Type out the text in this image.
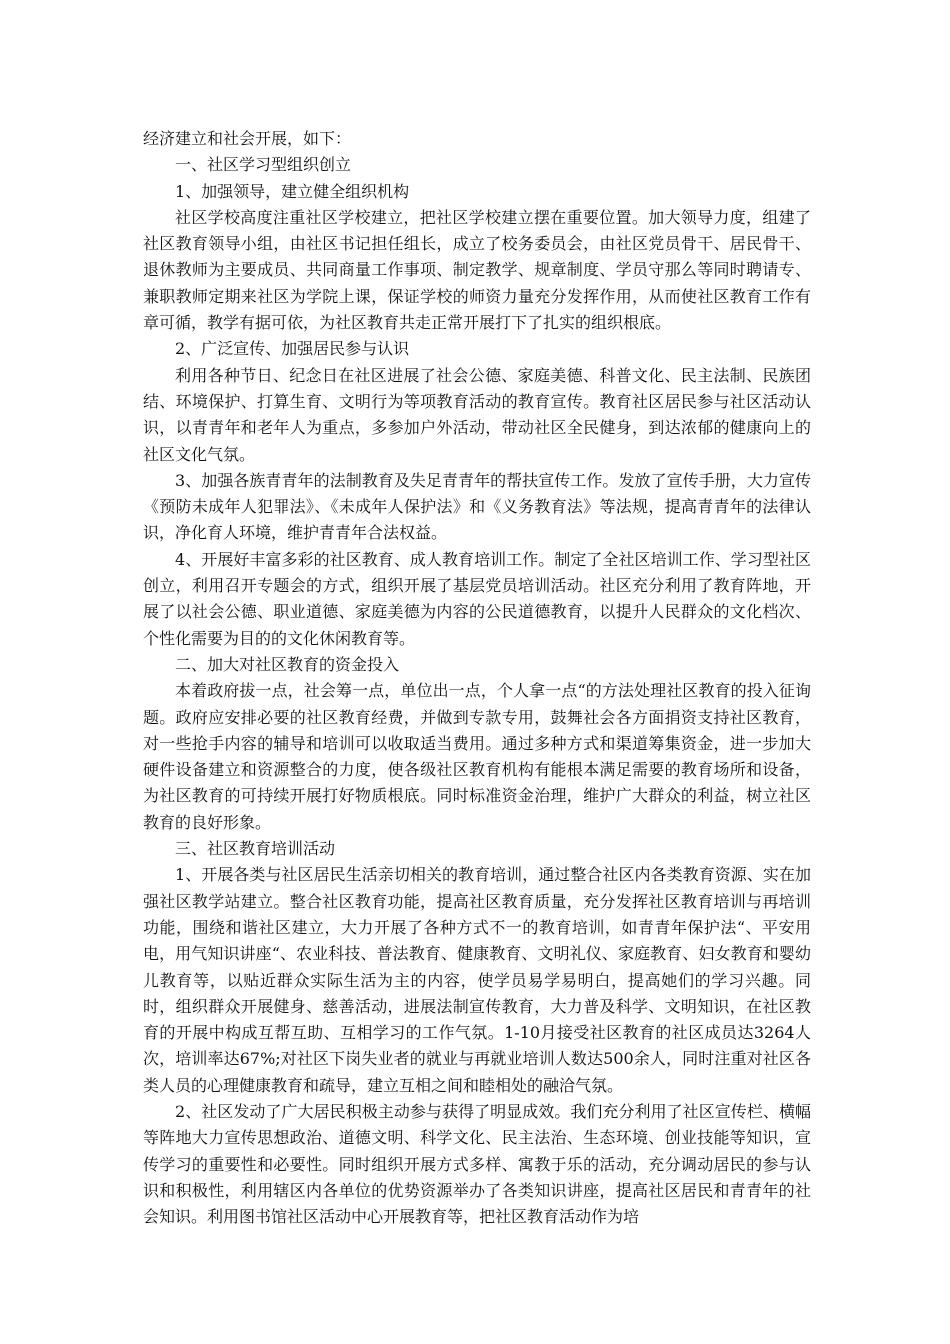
经济建立和社会开展，如下：

一、社区学习型组织创立

1、加强领导，建立健全组织机构

社区学校高度注重社区学校建立，把社区学校建立摆在重要位置。加大领导力度，组建了社区教育领导小组，由社区书记担任组长，成立了校务委员会，由社区党员骨干、居民骨干、退休教师为主要成员、共同商量工作事项、制定教学、规章制度、学员守那么等同时聘请专、兼职教师定期来社区为学院上课，保证学校的师资力量充分发挥作用，从而使社区教育工作有章可循，教学有据可依，为社区教育共走正常开展打下了扎实的组织根底。

2、广泛宣传、加强居民参与认识

利用各种节日、纪念日在社区进展了社会公德、家庭美德、科普文化、民主法制、民族团结、环境保护、打算生育、文明行为等项教育活动的教育宣传。教育社区居民参与社区活动认识，以青青年和老年人为重点，多参加户外活动，带动社区全民健身，到达浓郁的健康向上的社区文化气氛。

3、加强各族青青年的法制教育及失足青青年的帮扶宣传工作。发放了宣传手册，大力宣传《预防未成年人犯罪法》、《未成年人保护法》和《义务教育法》等法规，提高青青年的法律认识，净化育人环境，维护青青年合法权益。

4、开展好丰富多彩的社区教育、成人教育培训工作。制定了全社区培训工作、学习型社区创立，利用召开专题会的方式，组织开展了基层党员培训活动。社区充分利用了教育阵地，开展了以社会公德、职业道德、家庭美德为内容的公民道德教育，以提升人民群众的文化档次、个性化需要为目的的文化休闲教育等。

二、加大对社区教育的资金投入

本着政府拔一点，社会筹一点，单位出一点，个人拿一点“的方法处理社区教育的投入征询题。政府应安排必要的社区教育经费，并做到专款专用，鼓舞社会各方面捐资支持社区教育，对一些抢手内容的辅导和培训可以收取适当费用。通过多种方式和渠道筹集资金，进一步加大硬件设备建立和资源整合的力度，使各级社区教育机构有能根本满足需要的教育场所和设备，为社区教育的可持续开展打好物质根底。同时标准资金治理，维护广大群众的利益，树立社区教育的良好形象。

三、社区教育培训活动

1、开展各类与社区居民生活亲切相关的教育培训，通过整合社区内各类教育资源、实在加强社区教学站建立。整合社区教育功能，提高社区教育质量，充分发挥社区教育培训与再培训功能，围绕和谐社区建立，大力开展了各种方式不一的教育培训，如青青年保护法“、平安用电，用气知识讲座“、农业科技、普法教育、健康教育、文明礼仪、家庭教育、妇女教育和婴幼儿教育等，以贴近群众实际生活为主的内容，使学员易学易明白，提高她们的学习兴趣。同时，组织群众开展健身、慈善活动，进展法制宣传教育，大力普及科学、文明知识，在社区教育的开展中构成互帮互助、互相学习的工作气氛。1-10月接受社区教育的社区成员达3264人次，培训率达67%;对社区下岗失业者的就业与再就业培训人数达500余人，同时注重对社区各类人员的心理健康教育和疏导，建立互相之间和睦相处的融洽气氛。

2、社区发动了广大居民积极主动参与获得了明显成效。我们充分利用了社区宣传栏、横幅等阵地大力宣传思想政治、道德文明、科学文化、民主法治、生态环境、创业技能等知识，宣传学习的重要性和必要性。同时组织开展方式多样、寓教于乐的活动，充分调动居民的参与认识和积极性，利用辖区内各单位的优势资源举办了各类知识讲座，提高社区居民和青青年的社会知识。利用图书馆社区活动中心开展教育等，把社区教育活动作为培
